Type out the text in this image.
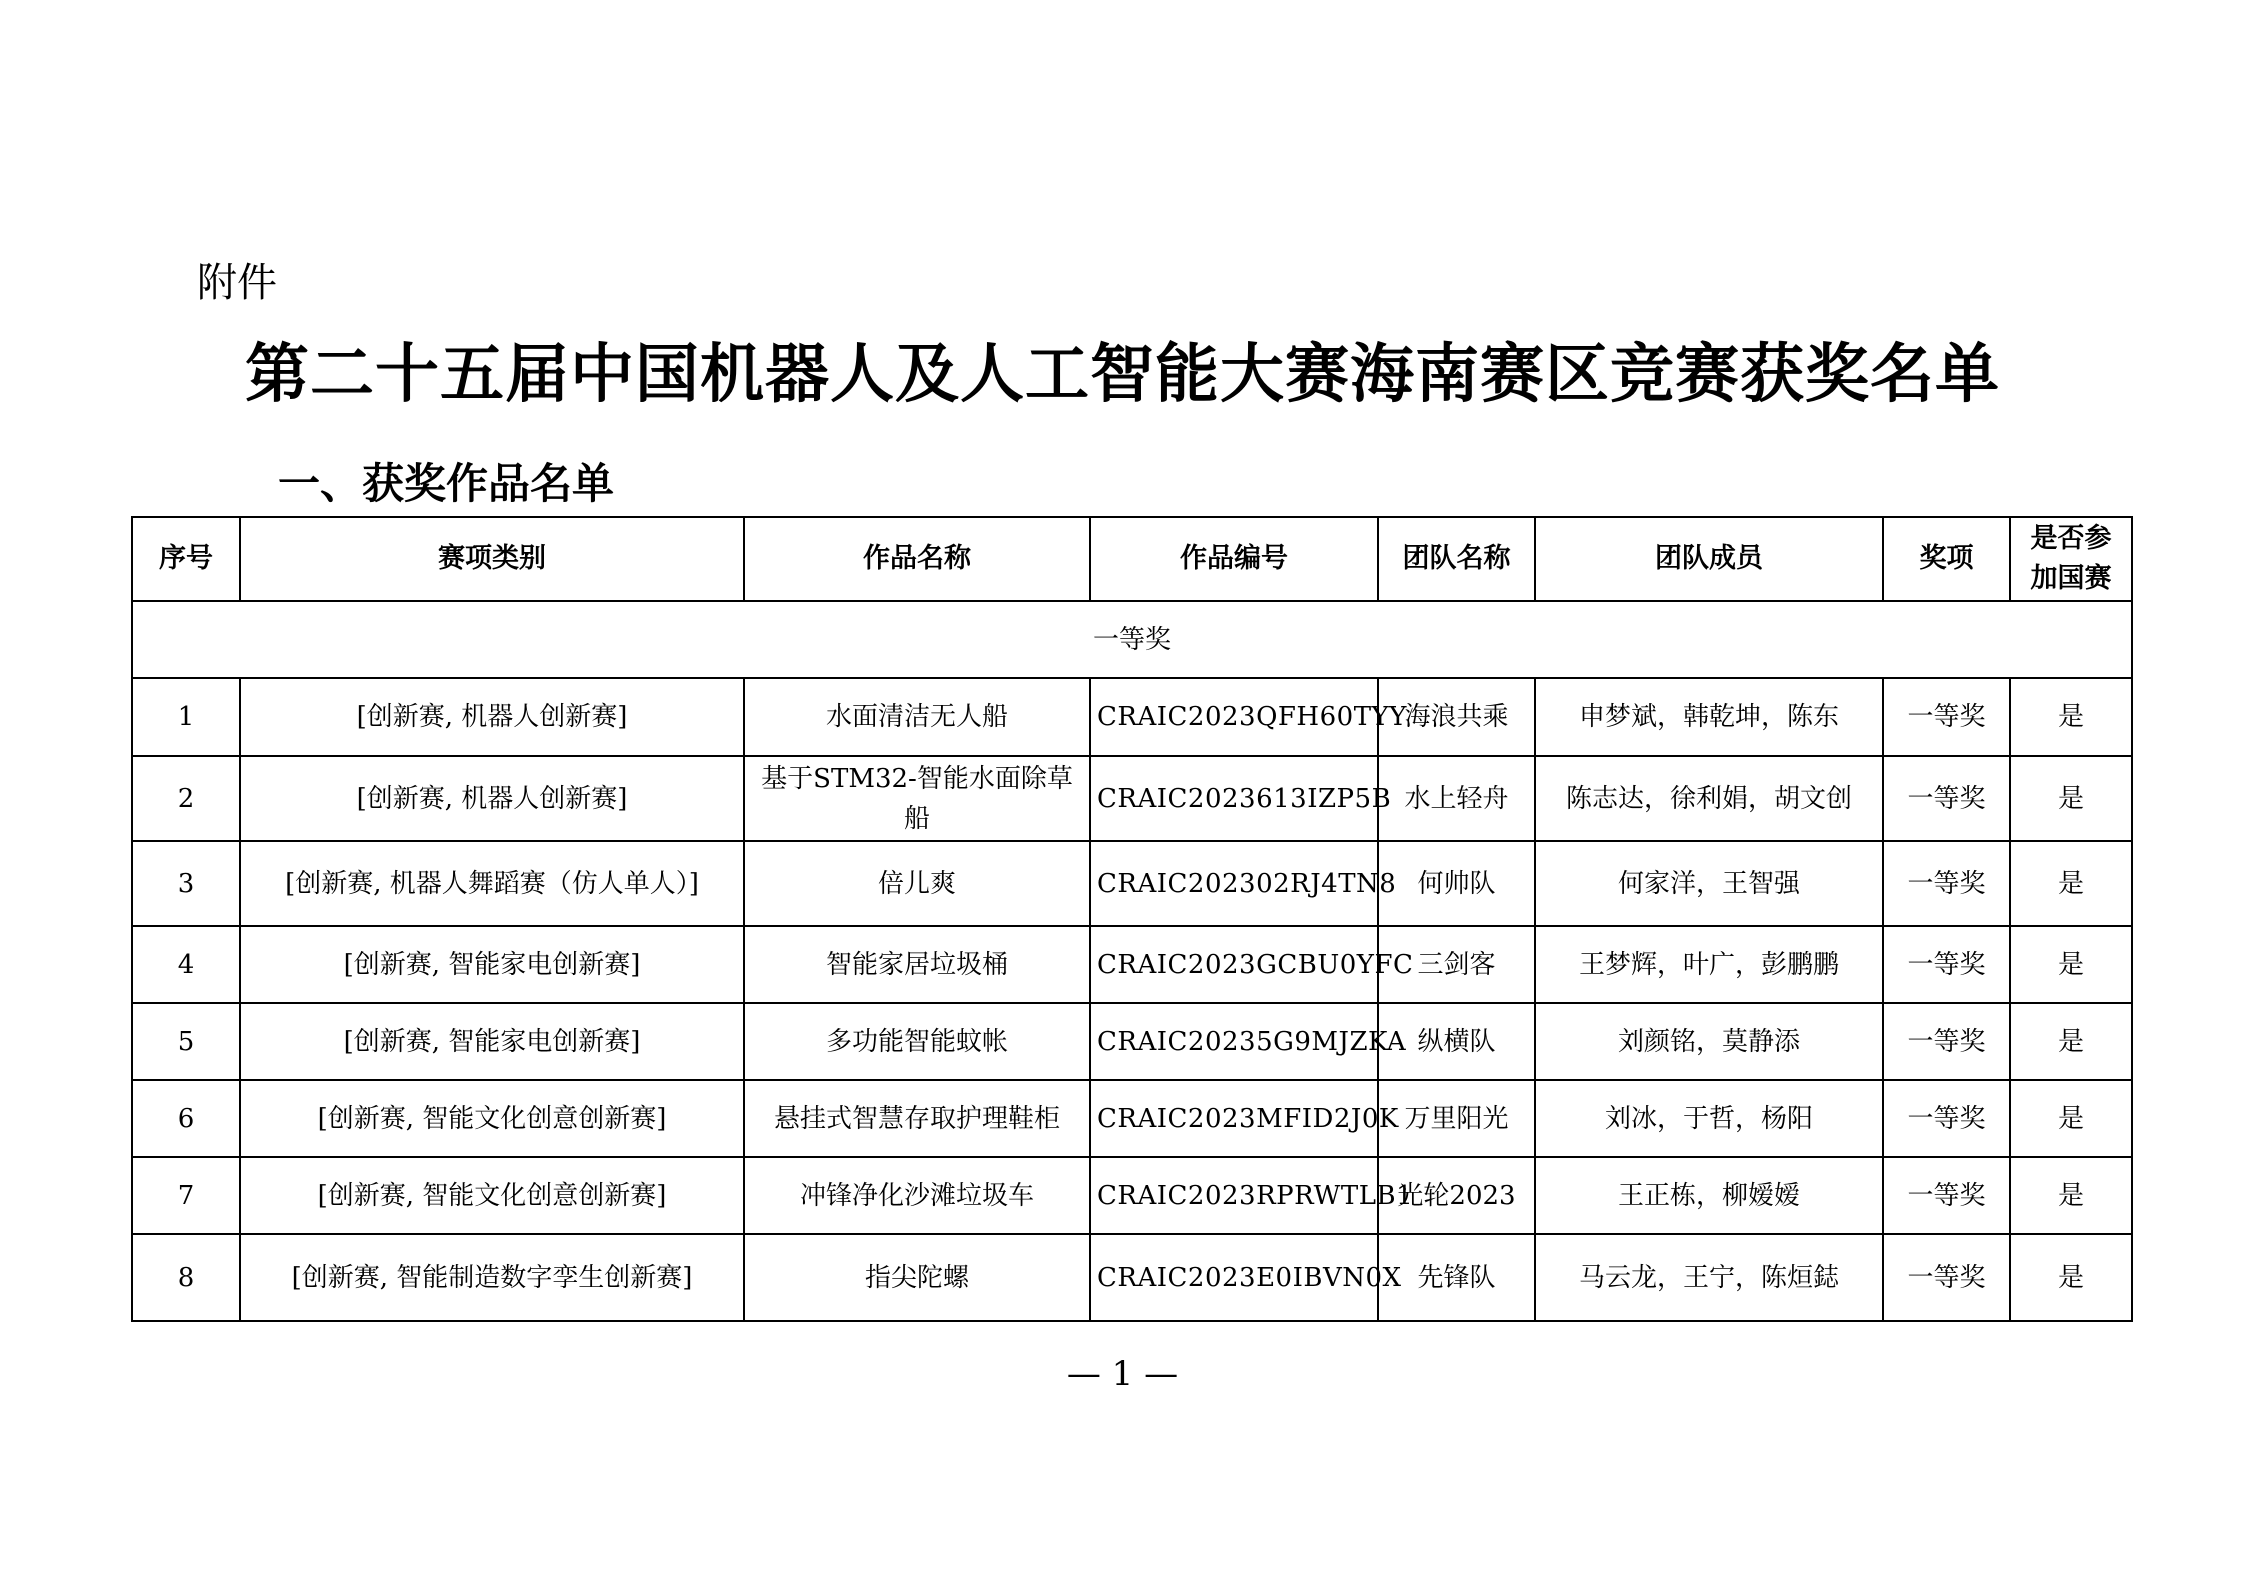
附件
第二十五届中国机器人及人工智能大赛海南赛区竞赛获奖名单
一、获奖作品名单
序号	赛项类别	作品名称	作品编号	团队名称	团队成员	奖项	是否参加国赛
一等奖							
1	[创新赛, 机器人创新赛]	水面清洁无人船	CRAIC2023QFH60TYY	海浪共乘	申梦斌，韩乾坤，陈东	一等奖	是
2	[创新赛, 机器人创新赛]	基于STM32-智能水面除草船	CRAIC2023613IZP5B	水上轻舟	陈志达，徐利娟，胡文创	一等奖	是
3	[创新赛, 机器人舞蹈赛（仿人单人）]	倍儿爽	CRAIC202302RJ4TN8	何帅队	何家洋，王智强	一等奖	是
4	[创新赛, 智能家电创新赛]	智能家居垃圾桶	CRAIC2023GCBU0YFC	三剑客	王梦辉，叶广，彭鹏鹏	一等奖	是
5	[创新赛, 智能家电创新赛]	多功能智能蚊帐	CRAIC20235G9MJZKA	纵横队	刘颜铭，莫静添	一等奖	是
6	[创新赛, 智能文化创意创新赛]	悬挂式智慧存取护理鞋柜	CRAIC2023MFID2J0K	万里阳光	刘冰，于哲，杨阳	一等奖	是
7	[创新赛, 智能文化创意创新赛]	冲锋净化沙滩垃圾车	CRAIC2023RPRWTLB1	光轮2023	王正栋，柳嫒嫒	一等奖	是
8	[创新赛, 智能制造数字孪生创新赛]	指尖陀螺	CRAIC2023E0IBVN0X	先锋队	马云龙，王宁，陈烜鋕	一等奖	是
— 1 —
